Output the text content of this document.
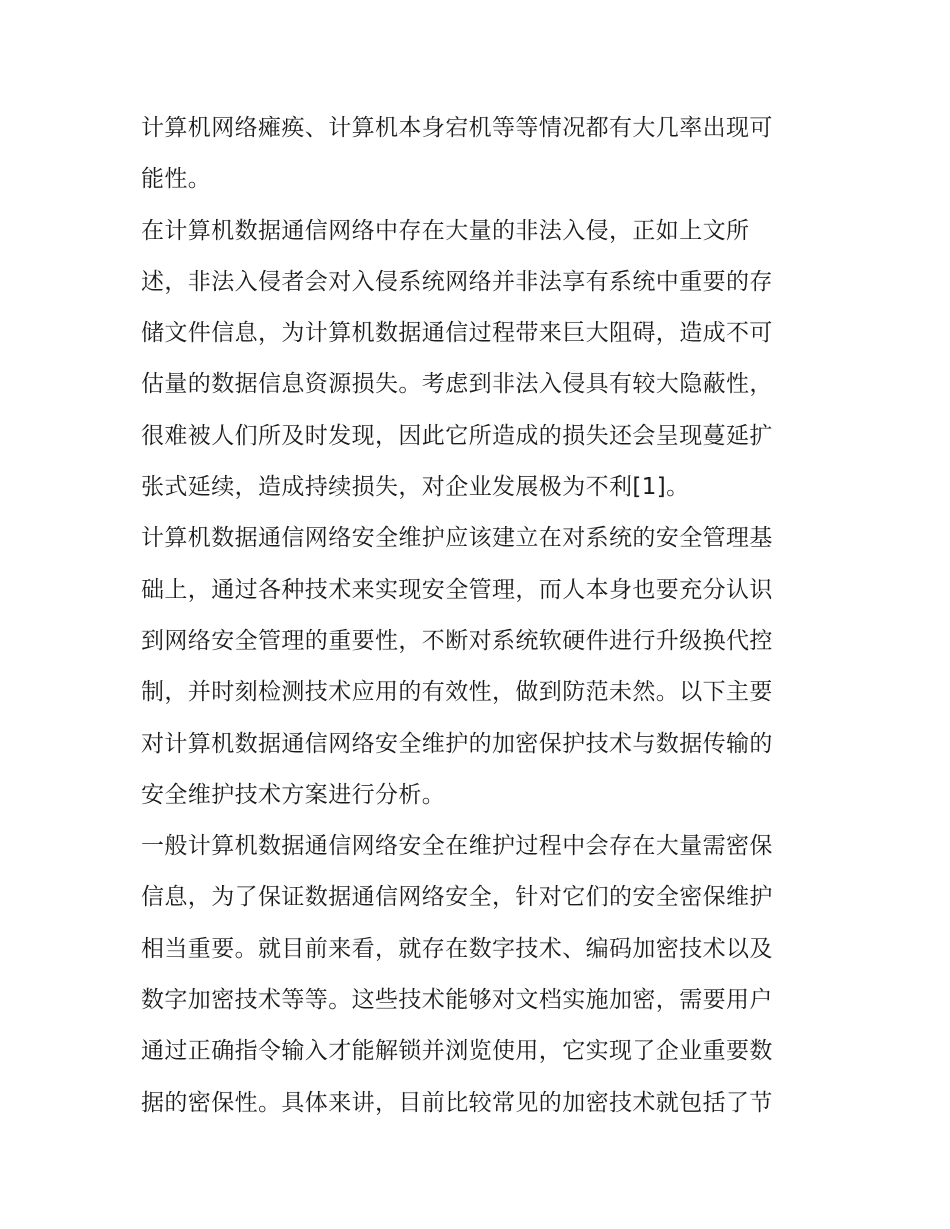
计算机网络瘫痪、计算机本身宕机等等情况都有大几率出现可
能性。

在计算机数据通信网络中存在大量的非法入侵，正如上文所
述，非法入侵者会对入侵系统网络并非法享有系统中重要的存
储文件信息，为计算机数据通信过程带来巨大阻碍，造成不可
估量的数据信息资源损失。考虑到非法入侵具有较大隐蔽性，
很难被人们所及时发现，因此它所造成的损失还会呈现蔓延扩
张式延续，造成持续损失，对企业发展极为不利[1]。

计算机数据通信网络安全维护应该建立在对系统的安全管理基
础上，通过各种技术来实现安全管理，而人本身也要充分认识
到网络安全管理的重要性，不断对系统软硬件进行升级换代控
制，并时刻检测技术应用的有效性，做到防范未然。以下主要
对计算机数据通信网络安全维护的加密保护技术与数据传输的
安全维护技术方案进行分析。

一般计算机数据通信网络安全在维护过程中会存在大量需密保
信息，为了保证数据通信网络安全，针对它们的安全密保维护
相当重要。就目前来看，就存在数字技术、编码加密技术以及
数字加密技术等等。这些技术能够对文档实施加密，需要用户
通过正确指令输入才能解锁并浏览使用，它实现了企业重要数
据的密保性。具体来讲，目前比较常见的加密技术就包括了节
